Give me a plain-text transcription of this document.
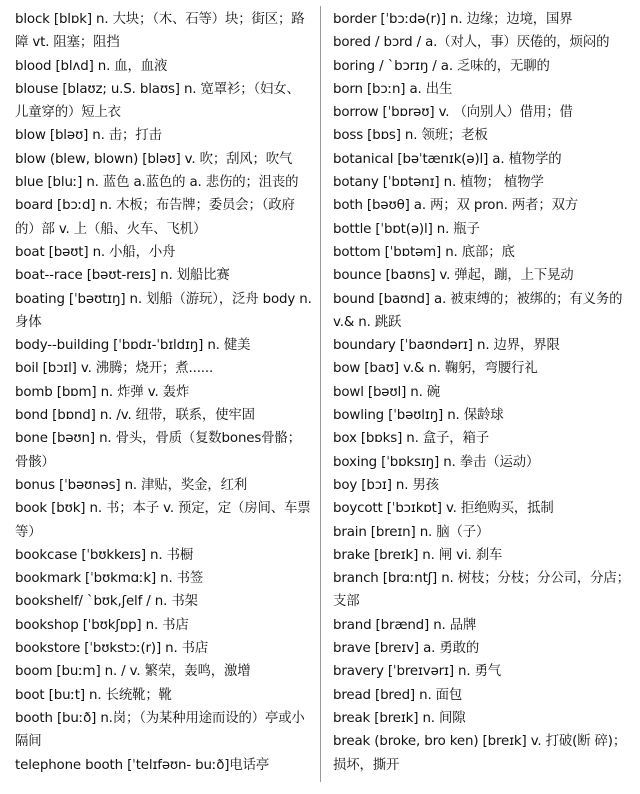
block [blɒk] n. 大块；（木、石等）块；街区；路障 vt. 阻塞；阻挡

blood [blʌd] n. 血，血液

blouse [blaʊz; u.S. blaʊs] n. 宽罩衫；（妇女、儿童穿的）短上衣

blow [bləʊ] n. 击；打击

blow (blew, blown) [bləʊ] v. 吹；刮风；吹气

blue [bluː] n. 蓝色 a.蓝色的 a. 悲伤的；沮丧的

board [bɔːd] n. 木板；布告牌；委员会；（政府的）部 v. 上（船、火车、飞机）

boat [bəʊt] n. 小船，小舟

boat--race [bəʊt-reɪs] n. 划船比赛

boating [ˈbəʊtɪŋ] n. 划船（游玩），泛舟 body n. 身体

body--building [ˈbɒdɪ-ˈbɪldɪŋ] n. 健美

boil [bɔɪl] v. 沸腾；烧开；煮......

bomb [bɒm] n. 炸弹 v. 轰炸

bond [bɒnd] n. /v. 纽带，联系，使牢固

bone [bəʊn] n. 骨头，骨质（复数bones骨骼；骨骸）

bonus [ˈbəʊnəs] n. 津贴，奖金，红利

book [bʊk] n. 书；本子 v. 预定，定（房间、车票等）

bookcase [ˈbʊkkeɪs] n. 书橱

bookmark [ˈbʊkmɑːk] n. 书签

bookshelf/ `bʊk,ʃelf / n. 书架

bookshop [ˈbʊkʃɒp] n. 书店

bookstore [ˈbʊkstɔː(r)] n. 书店

boom [buːm] n. / v. 繁荣，轰鸣，激增

boot [buːt] n. 长统靴；靴

booth [buːð] n.岗；（为某种用途而设的）亭或小隔间

telephone booth [ˈtelɪfəʊn- buːð]电话亭

border [ˈbɔːdə(r)] n. 边缘；边境，国界

bored / bɔrd / a.（对人，事）厌倦的，烦闷的

boring / ˋbɔrɪŋ / a. 乏味的，无聊的

born [bɔːn] a. 出生

borrow [ˈbɒrəʊ] v. （向别人）借用；借

boss [bɒs] n. 领班；老板

botanical [bəˈtænɪk(ə)l] a. 植物学的

botany [ˈbɒtənɪ] n. 植物； 植物学

both [bəʊθ] a. 两；双 pron. 两者；双方

bottle [ˈbɒt(ə)l] n. 瓶子

bottom [ˈbɒtəm] n. 底部；底

bounce [baʊns] v. 弹起，蹦，上下晃动

bound [baʊnd] a. 被束缚的；被绑的；有义务的 v.& n. 跳跃

boundary [ˈbaʊndərɪ] n. 边界，界限

bow [baʊ] v.& n. 鞠躬，弯腰行礼

bowl [bəʊl] n. 碗

bowling [ˈbəʊlɪŋ] n. 保龄球

box [bɒks] n. 盒子，箱子

boxing [ˈbɒksɪŋ] n. 拳击（运动）

boy [bɔɪ] n. 男孩

boycott [ˈbɔɪkɒt] v. 拒绝购买，抵制

brain [breɪn] n. 脑（子）

brake [breɪk] n. 闸 vi. 刹车

branch [brɑːntʃ] n. 树枝；分枝；分公司，分店；支部

brand [brænd] n. 品牌

brave [breɪv] a. 勇敢的

bravery [ˈbreɪvərɪ] n. 勇气

bread [bred] n. 面包

break [breɪk] n. 间隙

break (broke, bro ken) [breɪk] v. 打破(断 碎)；损坏，撕开
